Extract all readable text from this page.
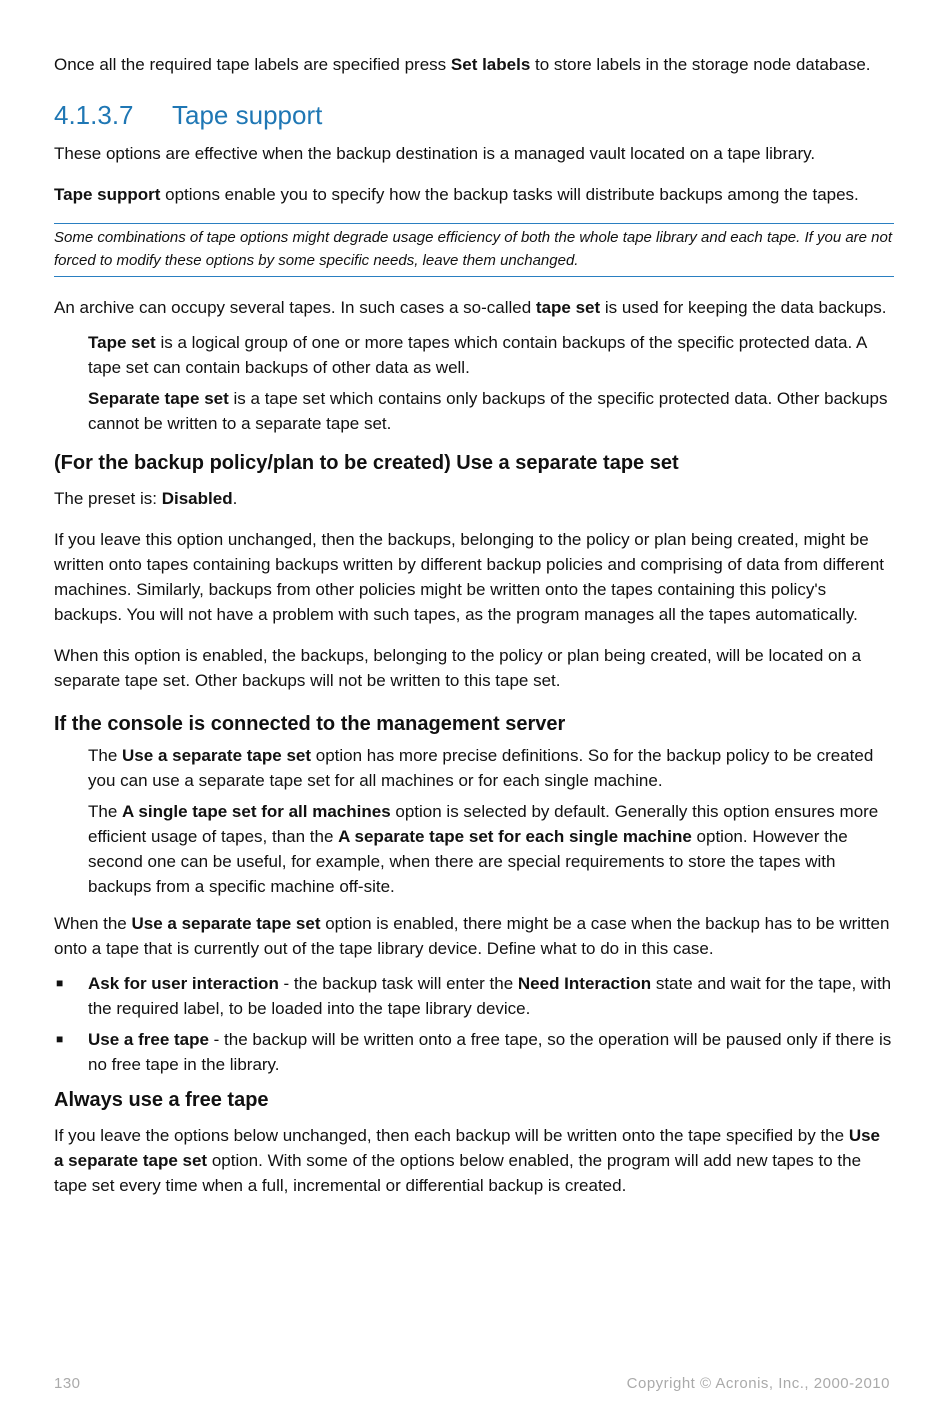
Once all the required tape labels are specified press Set labels to store labels in the storage node database.

4.1.3.7 Tape support

These options are effective when the backup destination is a managed vault located on a tape library.

Tape support options enable you to specify how the backup tasks will distribute backups among the tapes.

Some combinations of tape options might degrade usage efficiency of both the whole tape library and each tape. If you are not forced to modify these options by some specific needs, leave them unchanged.

An archive can occupy several tapes. In such cases a so-called tape set is used for keeping the data backups.

Tape set is a logical group of one or more tapes which contain backups of the specific protected data. A tape set can contain backups of other data as well.

Separate tape set is a tape set which contains only backups of the specific protected data. Other backups cannot be written to a separate tape set.

(For the backup policy/plan to be created) Use a separate tape set

The preset is: Disabled.

If you leave this option unchanged, then the backups, belonging to the policy or plan being created, might be written onto tapes containing backups written by different backup policies and comprising of data from different machines. Similarly, backups from other policies might be written onto the tapes containing this policy's backups. You will not have a problem with such tapes, as the program manages all the tapes automatically.

When this option is enabled, the backups, belonging to the policy or plan being created, will be located on a separate tape set. Other backups will not be written to this tape set.

If the console is connected to the management server

The Use a separate tape set option has more precise definitions. So for the backup policy to be created you can use a separate tape set for all machines or for each single machine.

The A single tape set for all machines option is selected by default. Generally this option ensures more efficient usage of tapes, than the A separate tape set for each single machine option. However the second one can be useful, for example, when there are special requirements to store the tapes with backups from a specific machine off-site.

When the Use a separate tape set option is enabled, there might be a case when the backup has to be written onto a tape that is currently out of the tape library device. Define what to do in this case.

■ Ask for user interaction - the backup task will enter the Need Interaction state and wait for the tape, with the required label, to be loaded into the tape library device.
■ Use a free tape - the backup will be written onto a free tape, so the operation will be paused only if there is no free tape in the library.
Always use a free tape

If you leave the options below unchanged, then each backup will be written onto the tape specified by the Use a separate tape set option. With some of the options below enabled, the program will add new tapes to the tape set every time when a full, incremental or differential backup is created.

130	Copyright © Acronis, Inc., 2000-2010
